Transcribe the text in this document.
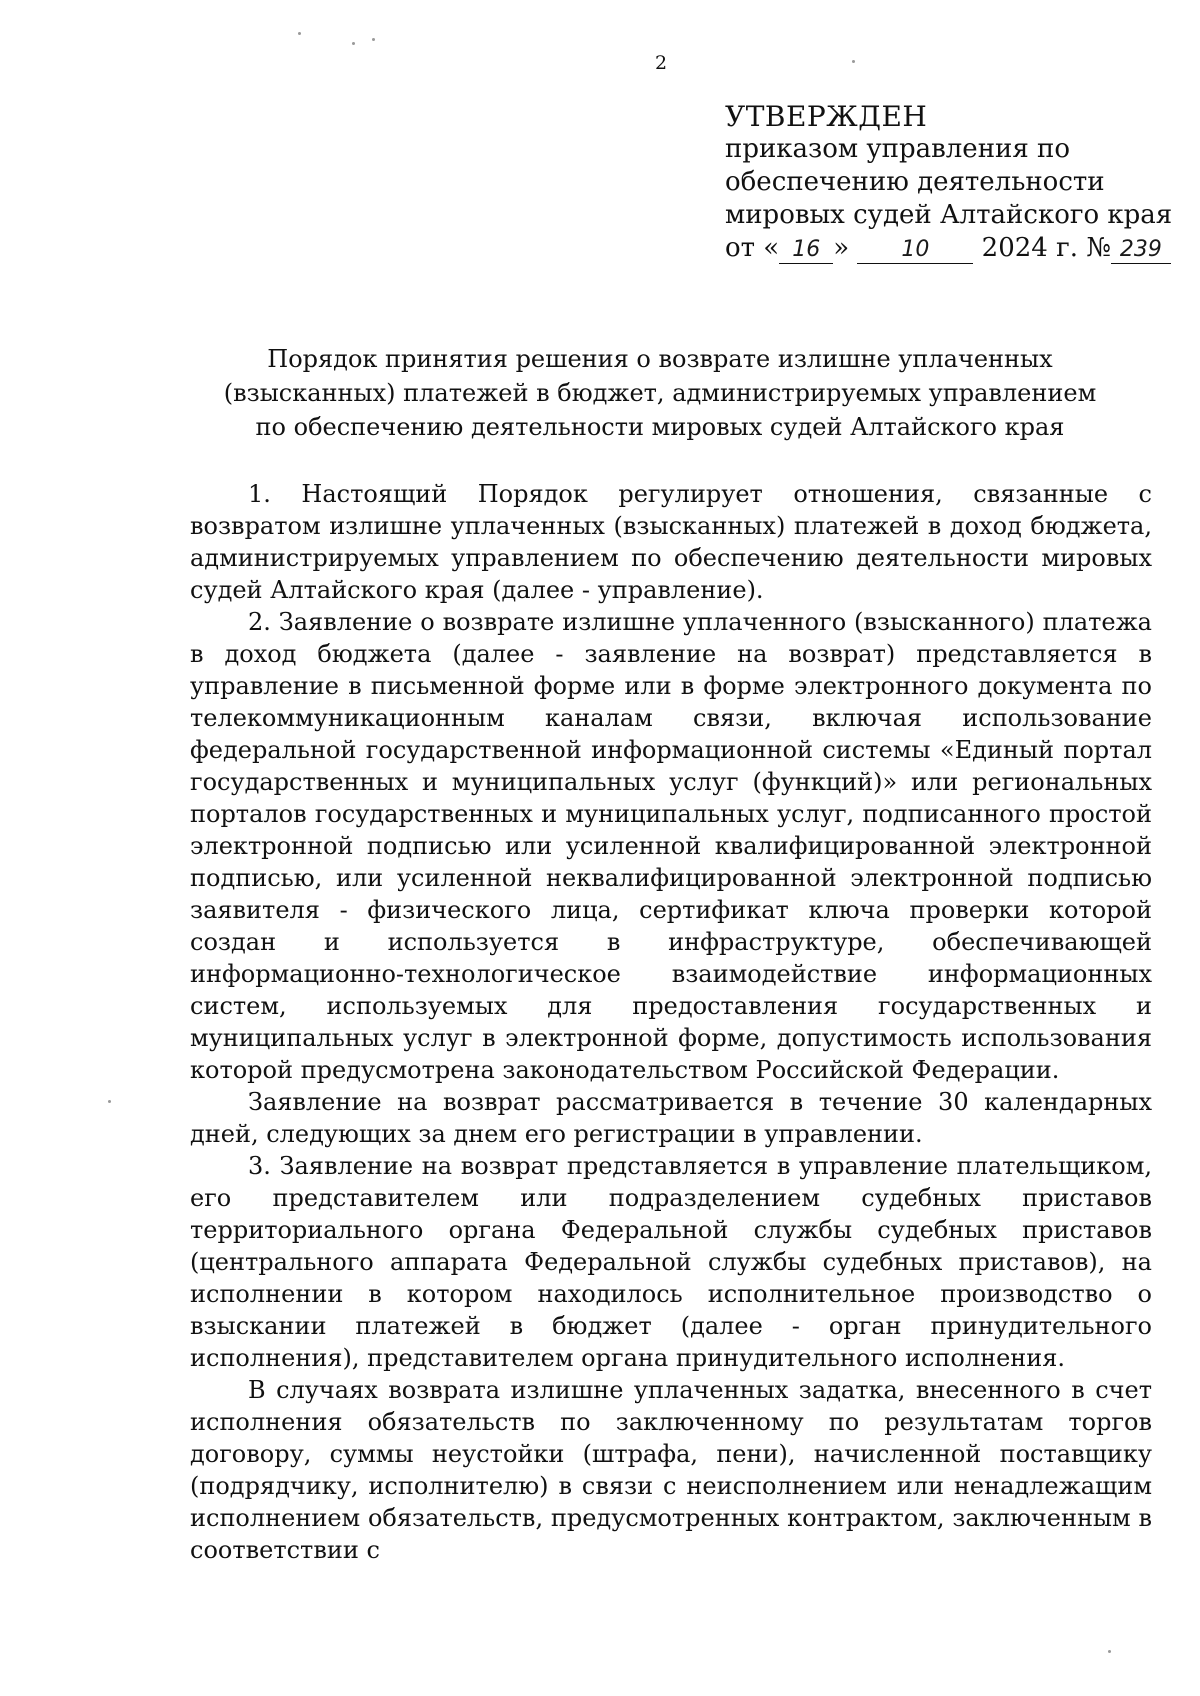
2
УТВЕРЖДЕН
приказом управления по
обеспечению деятельности
мировых судей Алтайского края
от « 16 » 10 2024 г. № 239
Порядок принятия решения о возврате излишне уплаченных
(взысканных) платежей в бюджет, администрируемых управлением
по обеспечению деятельности мировых судей Алтайского края

1. Настоящий Порядок регулирует отношения, связанные с возвратом излишне уплаченных (взысканных) платежей в доход бюджета, администрируемых управлением по обеспечению деятельности мировых судей Алтайского края (далее - управление).

2. Заявление о возврате излишне уплаченного (взысканного) платежа в доход бюджета (далее - заявление на возврат) представляется в управление в письменной форме или в форме электронного документа по телекоммуникационным каналам связи, включая использование федеральной государственной информационной системы «Единый портал государственных и муниципальных услуг (функций)» или региональных порталов государственных и муниципальных услуг, подписанного простой электронной подписью или усиленной квалифицированной электронной подписью, или усиленной неквалифицированной электронной подписью заявителя - физического лица, сертификат ключа проверки которой создан и используется в инфраструктуре, обеспечивающей информационно-технологическое взаимодействие информационных систем, используемых для предоставления государственных и муниципальных услуг в электронной форме, допустимость использования которой предусмотрена законодательством Российской Федерации.

Заявление на возврат рассматривается в течение 30 календарных дней, следующих за днем его регистрации в управлении.

3. Заявление на возврат представляется в управление плательщиком, его представителем или подразделением судебных приставов территориального органа Федеральной службы судебных приставов (центрального аппарата Федеральной службы судебных приставов), на исполнении в котором находилось исполнительное производство о взыскании платежей в бюджет (далее - орган принудительного исполнения), представителем органа принудительного исполнения.

В случаях возврата излишне уплаченных задатка, внесенного в счет исполнения обязательств по заключенному по результатам торгов договору, суммы неустойки (штрафа, пени), начисленной поставщику (подрядчику, исполнителю) в связи с неисполнением или ненадлежащим исполнением обязательств, предусмотренных контрактом, заключенным в соответствии с
